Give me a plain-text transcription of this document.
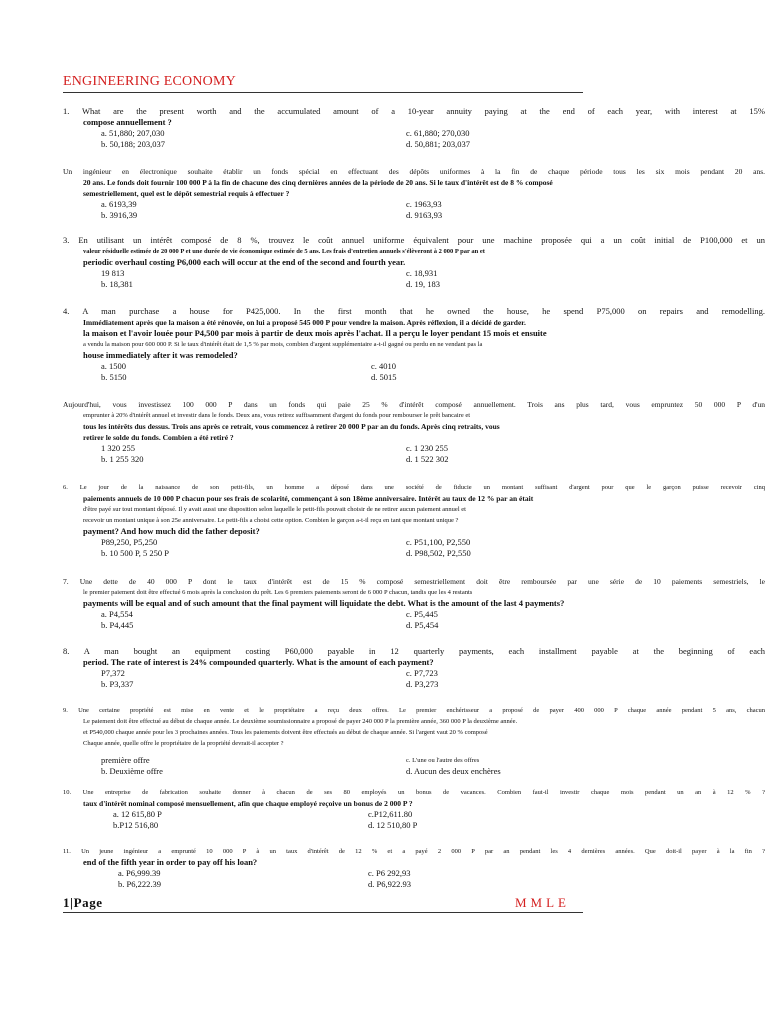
ENGINEERING ECONOMY
1. What are the present worth and the accumulated amount of a 10-year annuity paying at the end of each year, with interest at 15%
compose annuellement ?
a. 51,880; 207,030	c. 61,880; 270,030
b. 50,188; 203,037	d. 50,881; 203,037
Un ingénieur en électronique souhaite établir un fonds spécial en effectuant des dépôts uniformes à la fin de chaque période tous les six mois pendant 20 ans.
20 ans. Le fonds doit fournir 100 000 P à la fin de chacune des cinq dernières années de la période de 20 ans. Si le taux d'intérêt est de 8 % composé
semestriellement, quel est le dépôt semestrial requis à effectuer ?
a. 6193,39	c. 1963,93
b. 3916,39	d. 9163,93
3. En utilisant un intérêt composé de 8 %, trouvez le coût annuel uniforme équivalent pour une machine proposée qui a un coût initial de P100,000 et un
valeur résiduelle estimée de 20 000 P et une durée de vie économique estimée de 5 ans. Les frais d'entretien annuels s'élèveront à 2 000 P par an et
periodic overhaul costing P6,000 each will occur at the end of the second and fourth year.
19 813	c. 18,931
b. 18,381	d. 19, 183
4. A man purchase a house for P425,000. In the first month that he owned the house, he spend P75,000 on repairs and remodelling.
Immédiatement après que la maison a été rénovée, on lui a proposé 545 000 P pour vendre la maison. Après réflexion, il a décidé de garder.
la maison et l'avoir louée pour P4,500 par mois à partir de deux mois après l'achat. Il a perçu le loyer pendant 15 mois et ensuite
a vendu la maison pour 600 000 P. Si le taux d'intérêt était de 1,5 % par mois, combien d'argent supplémentaire a-t-il gagné ou perdu en ne vendant pas la
house immediately after it was remodeled?
a. 1500	c. 4010
b. 5150	d. 5015
Aujourd'hui, vous investissez 100 000 P dans un fonds qui paie 25 % d'intérêt composé annuellement. Trois ans plus tard, vous empruntez 50 000 P d'un
emprunter à 20% d'intérêt annuel et investir dans le fonds. Deux ans, vous retirez suffisamment d'argent du fonds pour rembourser le prêt bancaire et
tous les intérêts dus dessus. Trois ans après ce retrait, vous commencez à retirer 20 000 P par an du fonds. Après cinq retraits, vous
retirer le solde du fonds. Combien a été retiré ?
1 320 255	c. 1 230 255
b. 1 255 320	d. 1 522 302
6. Le jour de la naissance de son petit-fils, un homme a déposé dans une société de fiducie un montant suffisant d'argent pour que le garçon puisse recevoir cinq
paiements annuels de 10 000 P chacun pour ses frais de scolarité, commençant à son 18ème anniversaire. Intérêt au taux de 12 % par an était
d'être payé sur tout montant déposé. Il y avait aussi une disposition selon laquelle le petit-fils pouvait choisir de ne retirer aucun paiement annuel et
recevoir un montant unique à son 25e anniversaire. Le petit-fils a choisi cette option. Combien le garçon a-t-il reçu en tant que montant unique ?
payment? And how much did the father deposit?
P89,250, P5,250	c. P51,100, P2,550
b. 10 500 P, 5 250 P	d. P98,502, P2,550
7. Une dette de 40 000 P dont le taux d'intérêt est de 15 % composé semestriellement doit être remboursée par une série de 10 paiements semestriels, le
le premier paiement doit être effectué 6 mois après la conclusion du prêt. Les 6 premiers paiements seront de 6 000 P chacun, tandis que les 4 restants
payments will be equal and of such amount that the final payment will liquidate the debt. What is the amount of the last 4 payments?
a. P4,554	c. P5,445
b. P4,445	d. P5,454
8. A man bought an equipment costing P60,000 payable in 12 quarterly payments, each installment payable at the beginning of each
period. The rate of interest is 24% compounded quarterly. What is the amount of each payment?
P7,372	c. P7,723
b. P3,337	d. P3,273
9. Une certaine propriété est mise en vente et le propriétaire a reçu deux offres. Le premier enchérisseur a proposé de payer 400 000 P chaque année pendant 5 ans, chacun
Le paiement doit être effectué au début de chaque année. Le deuxième soumissionnaire a proposé de payer 240 000 P la première année, 360 000 P la deuxième année.
et P540,000 chaque année pour les 3 prochaines années. Tous les paiements doivent être effectués au début de chaque année. Si l'argent vaut 20 % composé
Chaque année, quelle offre le propriétaire de la propriété devrait-il accepter ?
première offre	c. L'une ou l'autre des offres
b. Deuxième offre	d. Aucun des deux enchères
10. Une entreprise de fabrication souhaite donner à chacun de ses 80 employés un bonus de vacances. Combien faut-il investir chaque mois pendant un an à 12 % ?
taux d'intérêt nominal composé mensuellement, afin que chaque employé reçoive un bonus de 2 000 P ?
a. 12 615,80 P	c.P12,611.80
b.P12 516,80	d. 12 510,80 P
11. Un jeune ingénieur a emprunté 10 000 P à un taux d'intérêt de 12 % et a payé 2 000 P par an pendant les 4 dernières années. Que doit-il payer à la fin ?
end of the fifth year in order to pay off his loan?
a. P6,999.39	c. P6 292,93
b. P6,222.39	d. P6,922.93
1|Page	MMLE
